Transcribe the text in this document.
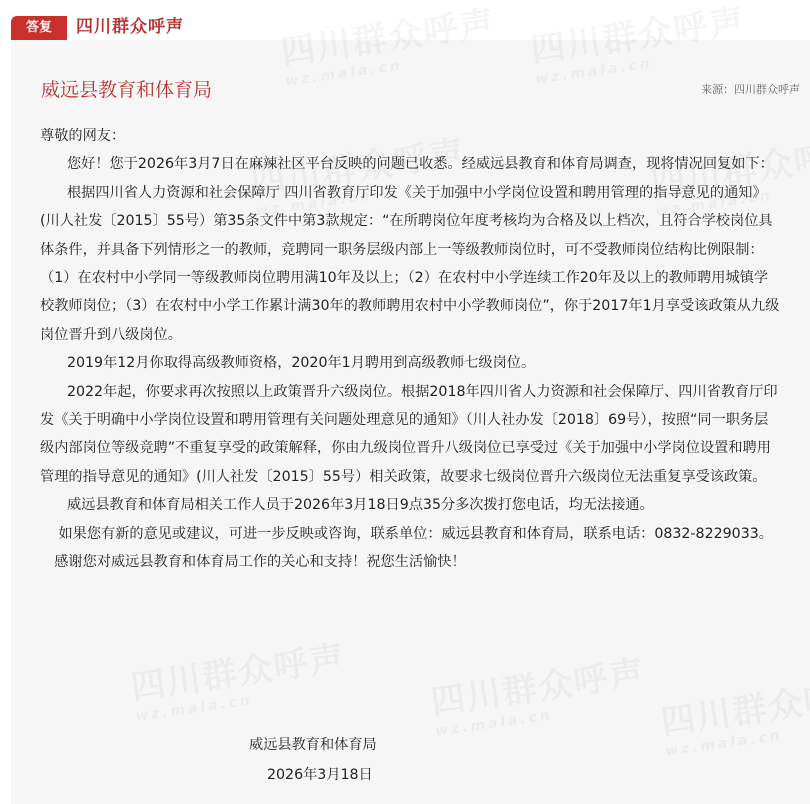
答复	四川群众呼声
威远县教育和体育局	来源：四川群众呼声

尊敬的网友：

您好！您于2026年3月7日在麻辣社区平台反映的问题已收悉。经威远县教育和体育局调查，现将情况回复如下：

根据四川省人力资源和社会保障厅 四川省教育厅印发《关于加强中小学岗位设置和聘用管理的指导意见的通知》(川人社发〔2015〕55号）第35条文件中第3款规定：“在所聘岗位年度考核均为合格及以上档次，且符合学校岗位具体条件，并具备下列情形之一的教师，竞聘同一职务层级内部上一等级教师岗位时，可不受教师岗位结构比例限制：（1）在农村中小学同一等级教师岗位聘用满10年及以上；（2）在农村中小学连续工作20年及以上的教师聘用城镇学校教师岗位；（3）在农村中小学工作累计满30年的教师聘用农村中小学教师岗位”，你于2017年1月享受该政策从九级岗位晋升到八级岗位。

2019年12月你取得高级教师资格，2020年1月聘用到高级教师七级岗位。

2022年起，你要求再次按照以上政策晋升六级岗位。根据2018年四川省人力资源和社会保障厅、四川省教育厅印发《关于明确中小学岗位设置和聘用管理有关问题处理意见的通知》（川人社办发〔2018〕69号），按照“同一职务层级内部岗位等级竞聘”不重复享受的政策解释，你由九级岗位晋升八级岗位已享受过《关于加强中小学岗位设置和聘用管理的指导意见的通知》(川人社发〔2015〕55号）相关政策，故要求七级岗位晋升六级岗位无法重复享受该政策。

威远县教育和体育局相关工作人员于2026年3月18日9点35分多次拨打您电话，均无法接通。

如果您有新的意见或建议，可进一步反映或咨询，联系单位：威远县教育和体育局，联系电话：0832-8229033。

感谢您对威远县教育和体育局工作的关心和支持！祝您生活愉快！

威远县教育和体育局
2026年3月18日
